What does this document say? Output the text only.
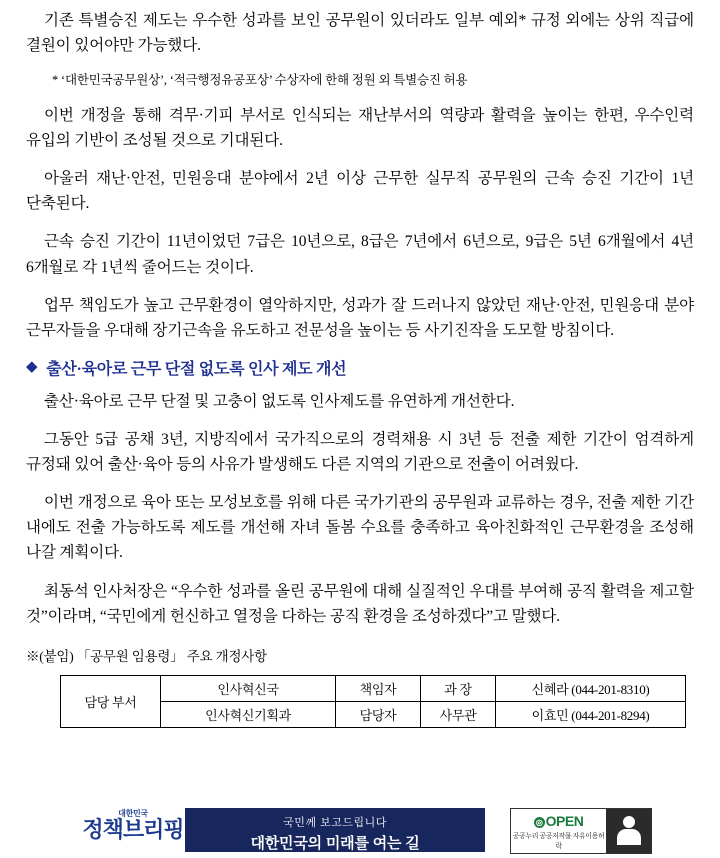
기존 특별승진 제도는 우수한 성과를 보인 공무원이 있더라도 일부 예외* 규정 외에는 상위 직급에 결원이 있어야만 가능했다.

* ‘대한민국공무원상’, ‘적극행정유공포상’ 수상자에 한해 정원 외 특별승진 허용

이번 개정을 통해 격무·기피 부서로 인식되는 재난부서의 역량과 활력을 높이는 한편, 우수인력 유입의 기반이 조성될 것으로 기대된다.

아울러 재난·안전, 민원응대 분야에서 2년 이상 근무한 실무직 공무원의 근속 승진 기간이 1년 단축된다.

근속 승진 기간이 11년이었던 7급은 10년으로, 8급은 7년에서 6년으로, 9급은 5년 6개월에서 4년 6개월로 각 1년씩 줄어드는 것이다.

업무 책임도가 높고 근무환경이 열악하지만, 성과가 잘 드러나지 않았던 재난·안전, 민원응대 분야 근무자들을 우대해 장기근속을 유도하고 전문성을 높이는 등 사기진작을 도모할 방침이다.

◆ 출산·육아로 근무 단절 없도록 인사 제도 개선

출산·육아로 근무 단절 및 고충이 없도록 인사제도를 유연하게 개선한다.

그동안 5급 공채 3년, 지방직에서 국가직으로의 경력채용 시 3년 등 전출 제한 기간이 엄격하게 규정돼 있어 출산·육아 등의 사유가 발생해도 다른 지역의 기관으로 전출이 어려웠다.

이번 개정으로 육아 또는 모성보호를 위해 다른 국가기관의 공무원과 교류하는 경우, 전출 제한 기간 내에도 전출 가능하도록 제도를 개선해 자녀 돌봄 수요를 충족하고 육아친화적인 근무환경을 조성해 나갈 계획이다.

최동석 인사처장은 “우수한 성과를 올린 공무원에 대해 실질적인 우대를 부여해 공직 활력을 제고할 것”이라며, “국민에게 헌신하고 열정을 다하는 공직 환경을 조성하겠다”고 말했다.

※(붙임) 「공무원 임용령」 주요 개정사항

담당 부서	인사혁신국	책임자	과 장	신혜라 (044-201-8310)
	인사혁신기획과	담당자	사무관	이효민 (044-201-8294)
대한민국
정책브리핑	국민께 보고드립니다
대한민국의 미래를 여는 길
◎ OPEN
공공누리 공공저작물 자유이용허락
